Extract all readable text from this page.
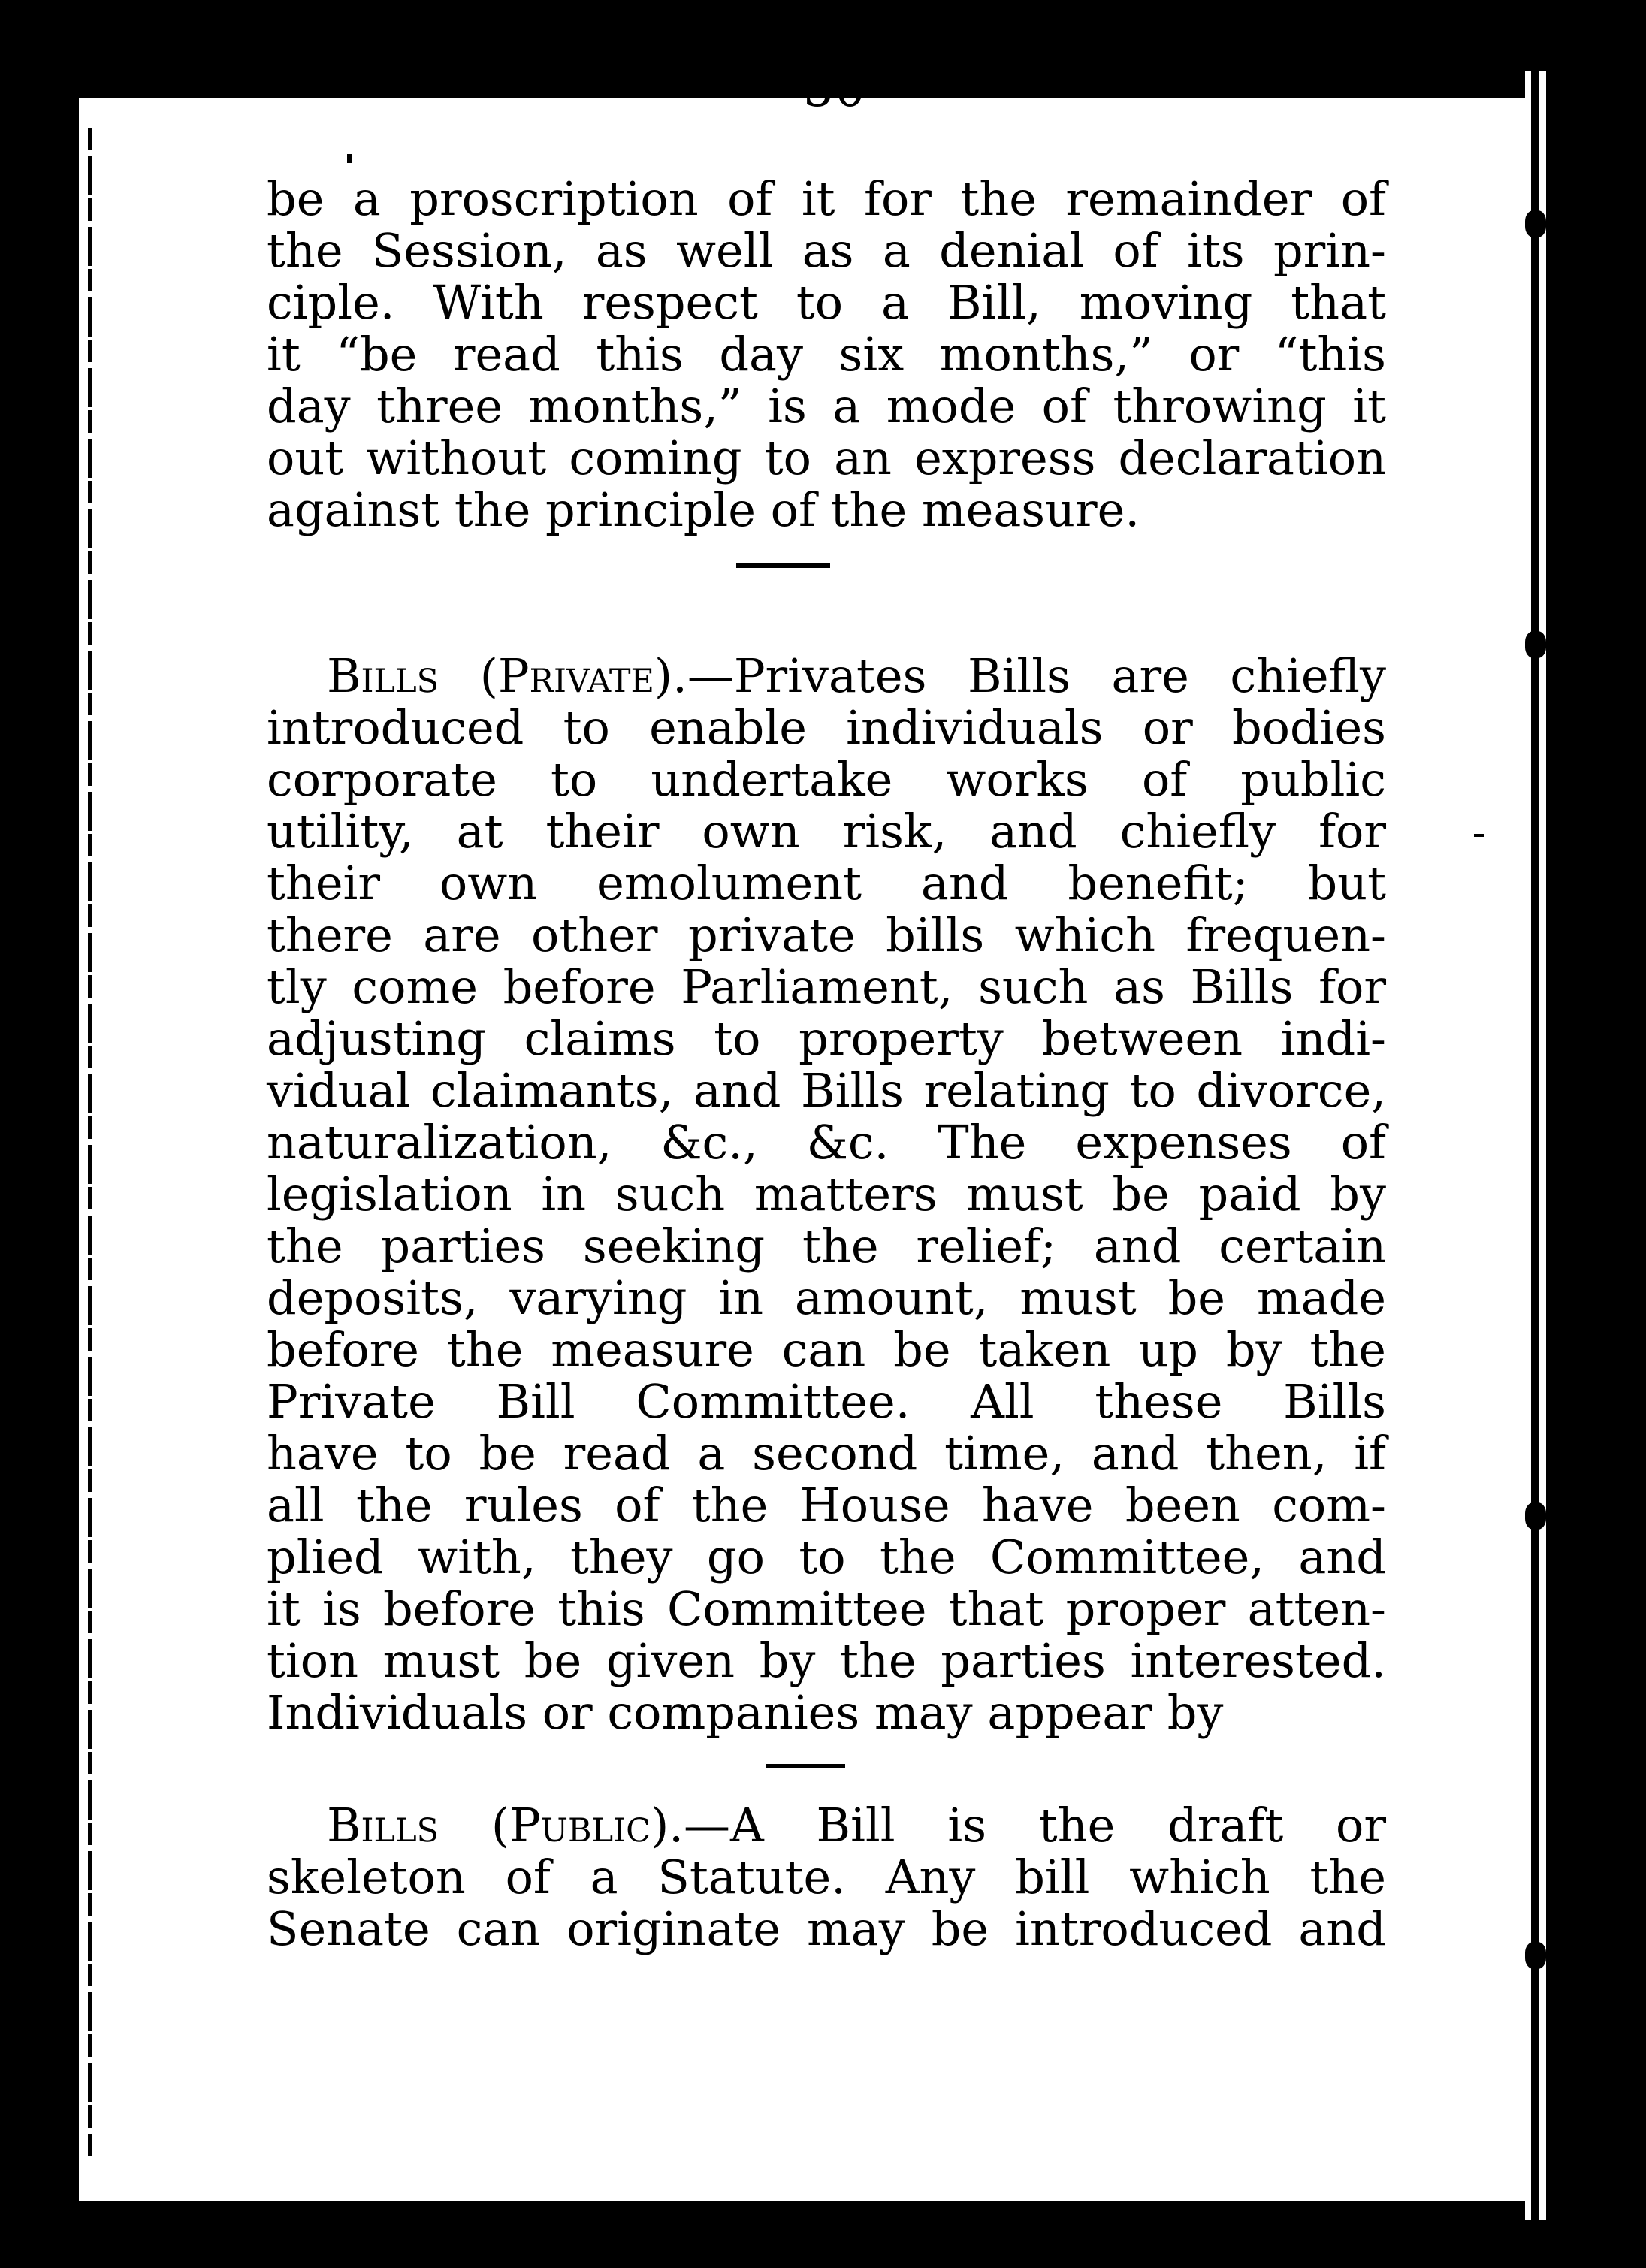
50
be a proscription of it for the remainder of
the Session, as well as a denial of its prin-
ciple. With respect to a Bill, moving that
it “be read this day six months,” or “this
day three months,” is a mode of throwing it
out without coming to an express declaration
against the principle of the measure.
Bills (Private).—Privates Bills are chiefly
introduced to enable individuals or bodies
corporate to undertake works of public
utility, at their own risk, and chiefly for
their own emolument and benefit; but
there are other private bills which frequen-
tly come before Parliament, such as Bills for
adjusting claims to property between indi-
vidual claimants, and Bills relating to divorce,
naturalization, &c., &c. The expenses of
legislation in such matters must be paid by
the parties seeking the relief; and certain
deposits, varying in amount, must be made
before the measure can be taken up by the
Private Bill Committee. All these Bills
have to be read a second time, and then, if
all the rules of the House have been com-
plied with, they go to the Committee, and
it is before this Committee that proper atten-
tion must be given by the parties interested.
Individuals or companies may appear by
Bills (Public).—A Bill is the draft or
skeleton of a Statute. Any bill which the
Senate can originate may be introduced and
